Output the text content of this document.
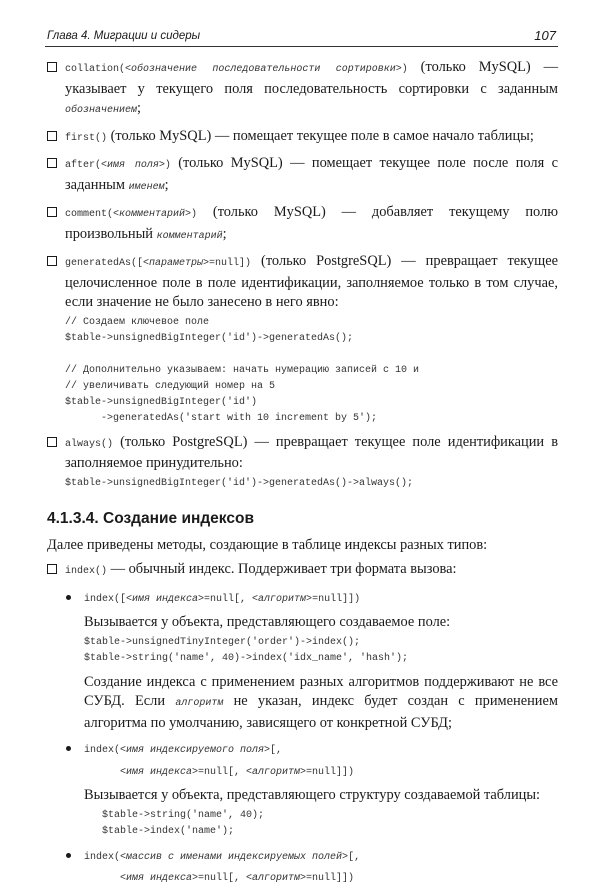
Глава 4. Миграции и сидеры	107
collation(<обозначение последовательности сортировки>) (только MySQL) — указывает у текущего поля последовательность сортировки с заданным обозначением;
first() (только MySQL) — помещает текущее поле в самое начало таблицы;
after(<имя поля>) (только MySQL) — помещает текущее поле после поля с заданным именем;
comment(<комментарий>) (только MySQL) — добавляет текущему полю произвольный комментарий;
generatedAs([<параметры>=null]) (только PostgreSQL) — превращает текущее целочисленное поле в поле идентификации, заполняемое только в том случае, если значение не было занесено в него явно:
// Создаем ключевое поле
$table->unsignedBigInteger('id')->generatedAs();

// Дополнительно указываем: начать нумерацию записей с 10 и
// увеличивать следующий номер на 5
$table->unsignedBigInteger('id')
->generatedAs('start with 10 increment by 5');
always() (только PostgreSQL) — превращает текущее поле идентификации в заполняемое принудительно:
$table->unsignedBigInteger('id')->generatedAs()->always();
4.1.3.4. Создание индексов
Далее приведены методы, создающие в таблице индексы разных типов:
index() — обычный индекс. Поддерживает три формата вызова:
index([<имя индекса>=null[, <алгоритм>=null]])
Вызывается у объекта, представляющего создаваемое поле:
$table->unsignedTinyInteger('order')->index();
$table->string('name', 40)->index('idx_name', 'hash');
Создание индекса с применением разных алгоритмов поддерживают не все СУБД. Если алгоритм не указан, индекс будет создан с применением алгоритма по умолчанию, зависящего от конкретной СУБД;
index(<имя индексируемого поля>[,
<имя индекса>=null[, <алгоритм>=null]])
Вызывается у объекта, представляющего структуру создаваемой таблицы:
$table->string('name', 40);
$table->index('name');
index(<массив с именами индексируемых полей>[,
<имя индекса>=null[, <алгоритм>=null]])
